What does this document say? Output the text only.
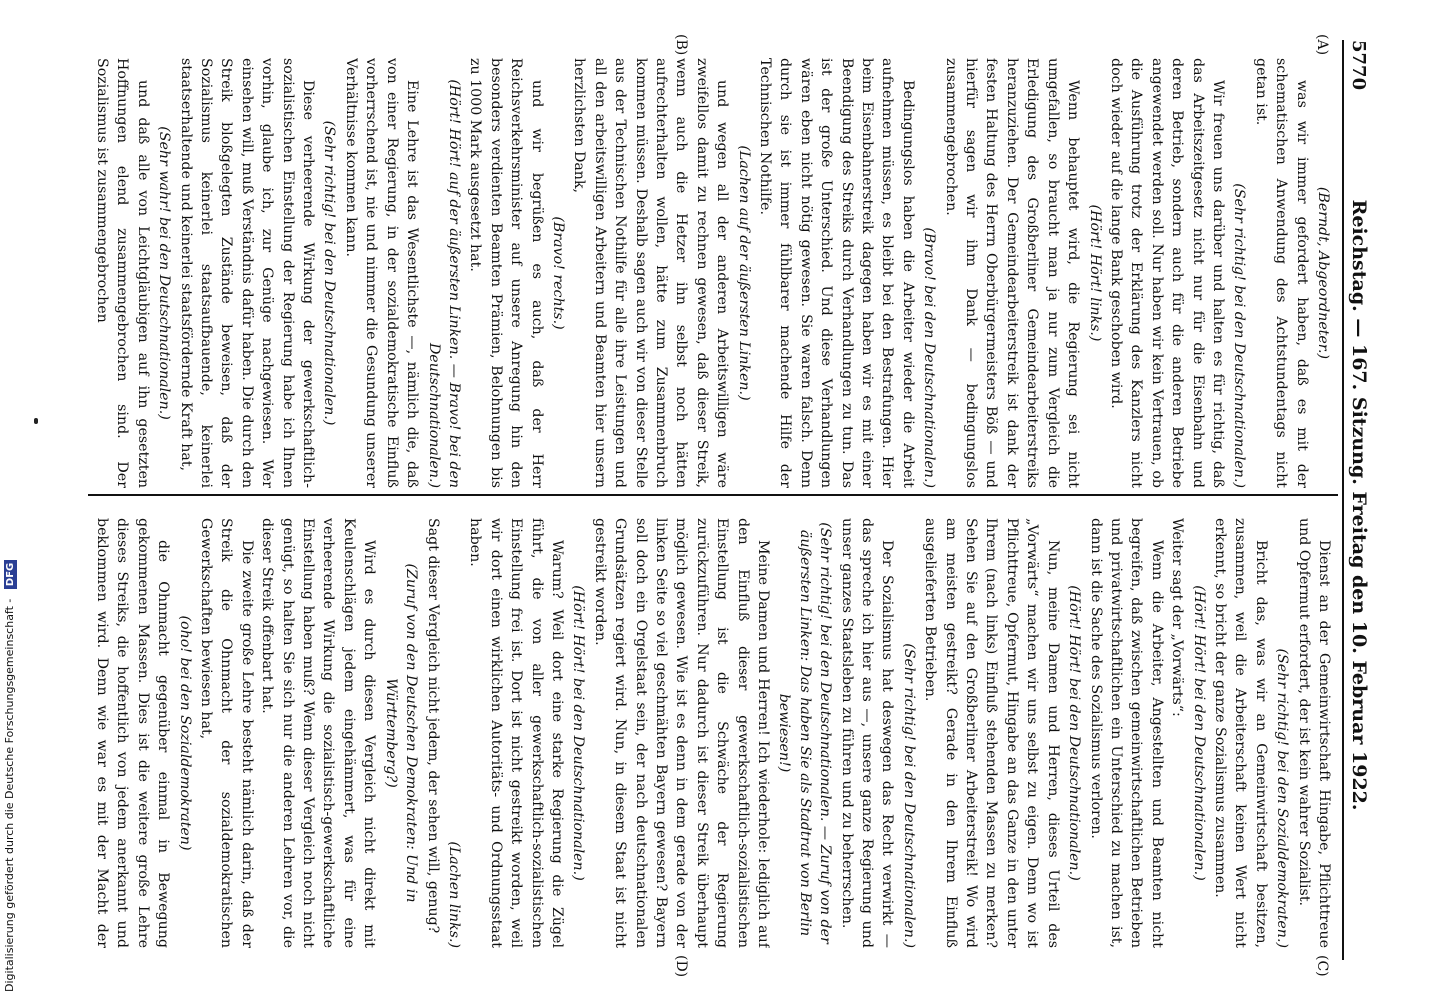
5770
Reichstag. — 167. Sitzung. Freitag den 10. Februar 1922.
(A)
(B)
(C)
(D)

(Berndt, Abgeordneter.)

was wir immer gefordert haben, daß es mit der schematischen Anwendung des Achtstundentags nicht getan ist.

(Sehr richtig! bei den Deutschnationalen.)

Wir freuen uns darüber und halten es für richtig, daß das Arbeitszeitgesetz nicht nur für die Eisenbahn und deren Betrieb, sondern auch für die anderen Betriebe angewendet werden soll. Nur haben wir kein Vertrauen, ob die Ausführung trotz der Erklärung des Kanzlers nicht doch wieder auf die lange Bank geschoben wird.

(Hört! Hört! links.)

Wenn behauptet wird, die Regierung sei nicht umgefallen, so braucht man ja nur zum Vergleich die Erledigung des Großberliner Gemeindearbeiterstreiks heranzuziehen. Der Gemeindearbeiterstreik ist dank der festen Haltung des Herrn Oberbürgermeisters Böß — und hierfür sagen wir ihm Dank — bedingungslos zusammengebrochen.

(Bravo! bei den Deutschnationalen.)

Bedingungslos haben die Arbeiter wieder die Arbeit aufnehmen müssen, es bleibt bei den Bestrafungen. Hier beim Eisenbahnerstreik dagegen haben wir es mit einer Beendigung des Streiks durch Verhandlungen zu tun. Das ist der große Unterschied. Und diese Verhandlungen wären eben nicht nötig gewesen. Sie waren falsch. Denn durch sie ist immer fühlbarer machende Hilfe der Technischen Nothilfe.

(Lachen auf der äußersten Linken.)

und wegen all der anderen Arbeitswilligen wäre zweifellos damit zu rechnen gewesen, daß dieser Streik, wenn auch die Hetzer ihn selbst noch hätten aufrechterhalten wollen, hätte zum Zusammenbruch kommen müssen. Deshalb sagen auch wir von dieser Stelle aus der Technischen Nothilfe für alle ihre Leistungen und all den arbeitswilligen Arbeitern und Beamten hier unsern herzlichsten Dank,

(Bravo! rechts.)

und wir begrüßen es auch, daß der Herr Reichsverkehrsminister auf unsere Anregung hin den besonders verdienten Beamten Prämien, Belohnungen bis zu 1000 Mark ausgesetzt hat.

(Hört! Hört! auf der äußersten Linken. — Bravo! bei den Deutschnationalen.)

Eine Lehre ist das Wesentlichste —, nämlich die, daß von einer Regierung, in der sozialdemokratische Einfluß vorherrschend ist, nie und nimmer die Gesundung unserer Verhältnisse kommen kann.

(Sehr richtig! bei den Deutschnationalen.)

Diese verheerende Wirkung der gewerkschaftlich-sozialistischen Einstellung der Regierung habe ich Ihnen vorhin, glaube ich, zur Genüge nachgewiesen. Wer einsehen will, muß Verständnis dafür haben. Die durch den Streik bloßgelegten Zustände beweisen, daß der Sozialismus keinerlei staatsaufbauende, keinerlei staatserhaltende und keinerlei staatsfördernde Kraft hat,

(Sehr wahr! bei den Deutschnationalen.)

und daß alle von Leichtgläubigen auf ihn gesetzten Hoffnungen elend zusammengebrochen sind. Der Sozialismus ist zusammengebrochen

Dienst an der Gemeinwirtschaft Hingabe, Pflichttreue und Opfermut erfordert, der ist kein wahrer Sozialist.

(Sehr richtig! bei den Sozialdemokraten.)

Bricht das, was wir an Gemeinwirtschaft besitzen, zusammen, weil die Arbeiterschaft keinen Wert nicht erkennt, so bricht der ganze Sozialismus zusammen.

(Hört! Hört! bei den Deutschnationalen.)

Weiter sagt der „Vorwärts“:

Wenn die Arbeiter, Angestellten und Beamten nicht begreifen, daß zwischen gemeinwirtschaftlichen Betrieben und privatwirtschaftlichen ein Unterschied zu machen ist, dann ist die Sache des Sozialismus verloren.

(Hört! Hört! bei den Deutschnationalen.)

Nun, meine Damen und Herren, dieses Urteil des „Vorwärts“ machen wir uns selbst zu eigen. Denn wo ist Pflichttreue, Opfermut, Hingabe an das Ganze in den unter Ihrem (nach links) Einfluß stehenden Massen zu merken? Sehen Sie auf den Großberliner Arbeiterstreik! Wo wird am meisten gestreikt? Gerade in den Ihrem Einfluß ausgelieferten Betrieben.

(Sehr richtig! bei den Deutschnationalen.)

Der Sozialismus hat deswegen das Recht verwirkt — das spreche ich hier aus —, unsere ganze Regierung und unser ganzes Staatsleben zu führen und zu beherrschen.

(Sehr richtig! bei den Deutschnationalen. — Zuruf von der äußersten Linken: Das haben Sie als Stadtrat von Berlin bewiesen!)

Meine Damen und Herren! Ich wiederhole: lediglich auf den Einfluß dieser gewerkschaftlich-sozialistischen Einstellung ist die Schwäche der Regierung zurückzuführen. Nur dadurch ist dieser Streik überhaupt möglich gewesen. Wie ist es denn in dem gerade von der linken Seite so viel geschmähten Bayern gewesen? Bayern soll doch ein Orgelstaat sein, der nach deutschnationalen Grundsätzen regiert wird. Nun, in diesem Staat ist nicht gestreikt worden.

(Hört! Hört! bei den Deutschnationalen.)

Warum? Weil dort eine starke Regierung die Zügel führt, die von aller gewerkschaftlich-sozialistischen Einstellung frei ist. Dort ist nicht gestreikt worden, weil wir dort einen wirklichen Autoritäts- und Ordnungsstaat haben.

(Lachen links.)

Sagt dieser Vergleich nicht jedem, der sehen will, genug?

(Zuruf von den Deutschen Demokraten: Und in Württemberg?)

Wird es durch diesen Vergleich nicht direkt mit Keulenschlägen jedem eingehämmert, was für eine verheerende Wirkung die sozialistisch-gewerkschaftliche Einstellung haben muß? Wenn dieser Vergleich noch nicht genügt, so halten Sie sich nur die anderen Lehren vor, die dieser Streik offenbart hat.

Die zweite große Lehre besteht nämlich darin, daß der Streik die Ohnmacht der sozialdemokratischen Gewerkschaften bewiesen hat,

(oho! bei den Sozialdemokraten)

die Ohnmacht gegenüber einmal in Bewegung gekommenen Massen. Dies ist die weitere große Lehre dieses Streiks, die hoffentlich von jedem anerkannt und beklommen wird. Denn wie war es mit der Macht der

Digitalisierung gefördert durch die Deutsche Forschungsgemeinschaft - DFG
